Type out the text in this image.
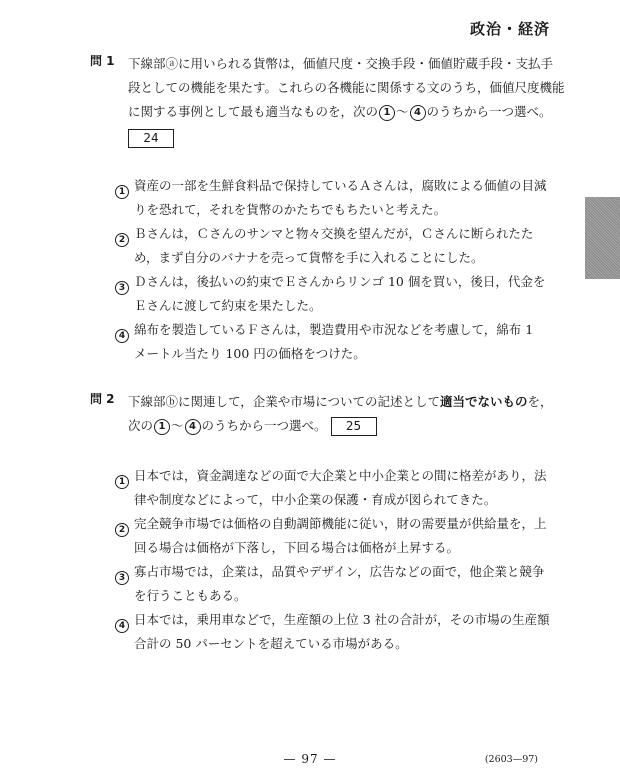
政治・経済
問 1	下線部ⓐに用いられる貨幣は，価値尺度・交換手段・価値貯蔵手段・支払手
段としての機能を果たす。これらの各機能に関係する文のうち，価値尺度機能
に関する事例として最も適当なものを，次の 1 〜 4 のうちから一つ選べ。
24
1 資産の一部を生鮮食料品で保持しているＡさんは，腐敗による価値の目減
りを恐れて，それを貨幣のかたちでもちたいと考えた。
2 Ｂさんは，Ｃさんのサンマと物々交換を望んだが，Ｃさんに断られたた
め，まず自分のバナナを売って貨幣を手に入れることにした。
3 Ｄさんは，後払いの約束でＥさんからリンゴ 10 個を買い，後日，代金を
Ｅさんに渡して約束を果たした。
4 綿布を製造しているＦさんは，製造費用や市況などを考慮して，綿布 1
メートル当たり 100 円の価格をつけた。
問 2	下線部ⓑに関連して，企業や市場についての記述として適当でないものを，
次の 1 〜 4 のうちから一つ選べ。 25
1 日本では，資金調達などの面で大企業と中小企業との間に格差があり，法
律や制度などによって，中小企業の保護・育成が図られてきた。
2 完全競争市場では価格の自動調節機能に従い，財の需要量が供給量を，上
回る場合は価格が下落し，下回る場合は価格が上昇する。
3 寡占市場では，企業は，品質やデザイン，広告などの面で，他企業と競争
を行うこともある。
4 日本では，乗用車などで，生産額の上位 3 社の合計が，その市場の生産額
合計の 50 パーセントを超えている市場がある。
— 97 —	(2603—97)
